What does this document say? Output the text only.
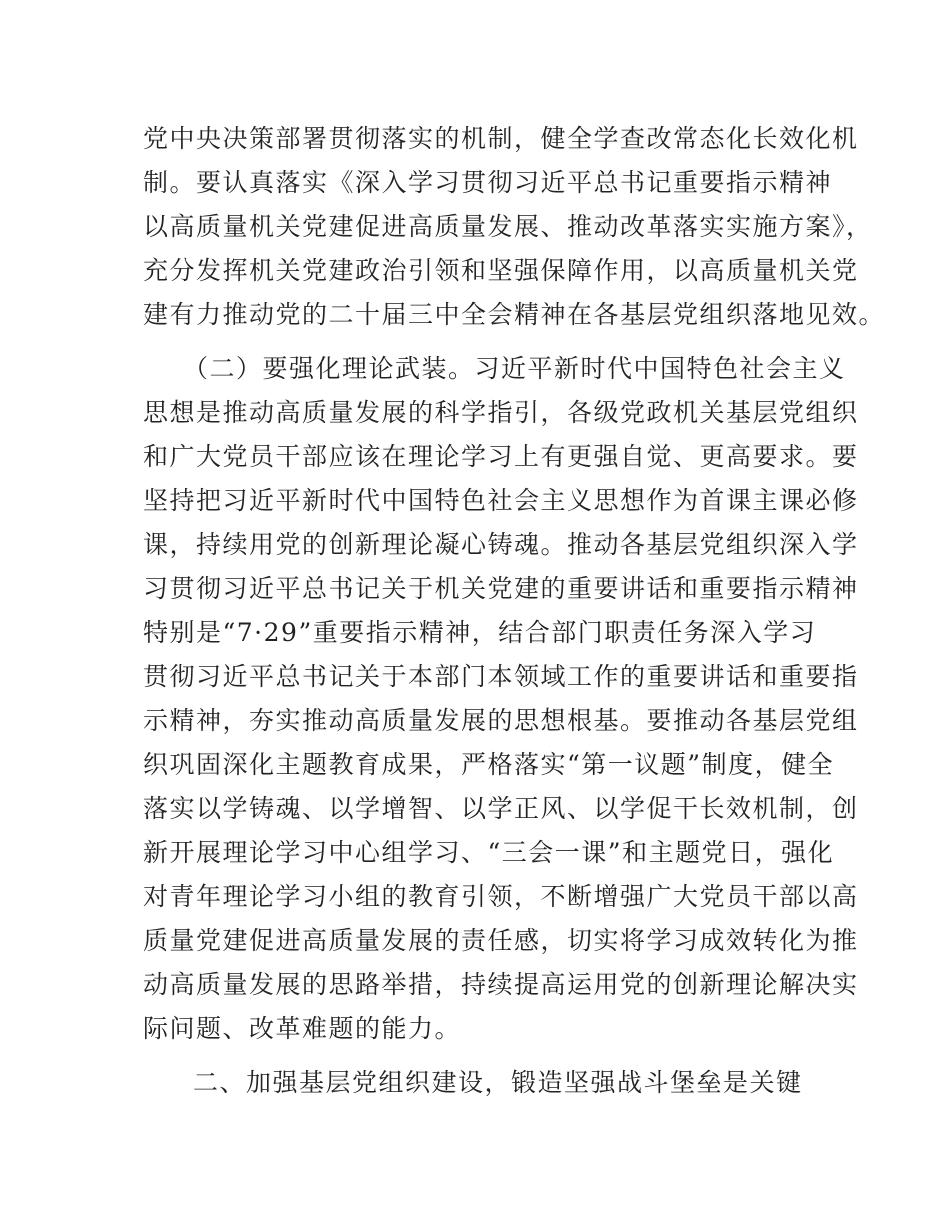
党中央决策部署贯彻落实的机制，健全学查改常态化长效化机
制。要认真落实《深入学习贯彻习近平总书记重要指示精神
以高质量机关党建促进高质量发展、推动改革落实实施方案》，
充分发挥机关党建政治引领和坚强保障作用，以高质量机关党
建有力推动党的二十届三中全会精神在各基层党组织落地见效。
（二）要强化理论武装。习近平新时代中国特色社会主义
思想是推动高质量发展的科学指引，各级党政机关基层党组织
和广大党员干部应该在理论学习上有更强自觉、更高要求。要
坚持把习近平新时代中国特色社会主义思想作为首课主课必修
课，持续用党的创新理论凝心铸魂。推动各基层党组织深入学
习贯彻习近平总书记关于机关党建的重要讲话和重要指示精神
特别是“7·29”重要指示精神，结合部门职责任务深入学习
贯彻习近平总书记关于本部门本领域工作的重要讲话和重要指
示精神，夯实推动高质量发展的思想根基。要推动各基层党组
织巩固深化主题教育成果，严格落实“第一议题”制度，健全
落实以学铸魂、以学增智、以学正风、以学促干长效机制，创
新开展理论学习中心组学习、“三会一课”和主题党日，强化
对青年理论学习小组的教育引领，不断增强广大党员干部以高
质量党建促进高质量发展的责任感，切实将学习成效转化为推
动高质量发展的思路举措，持续提高运用党的创新理论解决实
际问题、改革难题的能力。
二、加强基层党组织建设，锻造坚强战斗堡垒是关键
